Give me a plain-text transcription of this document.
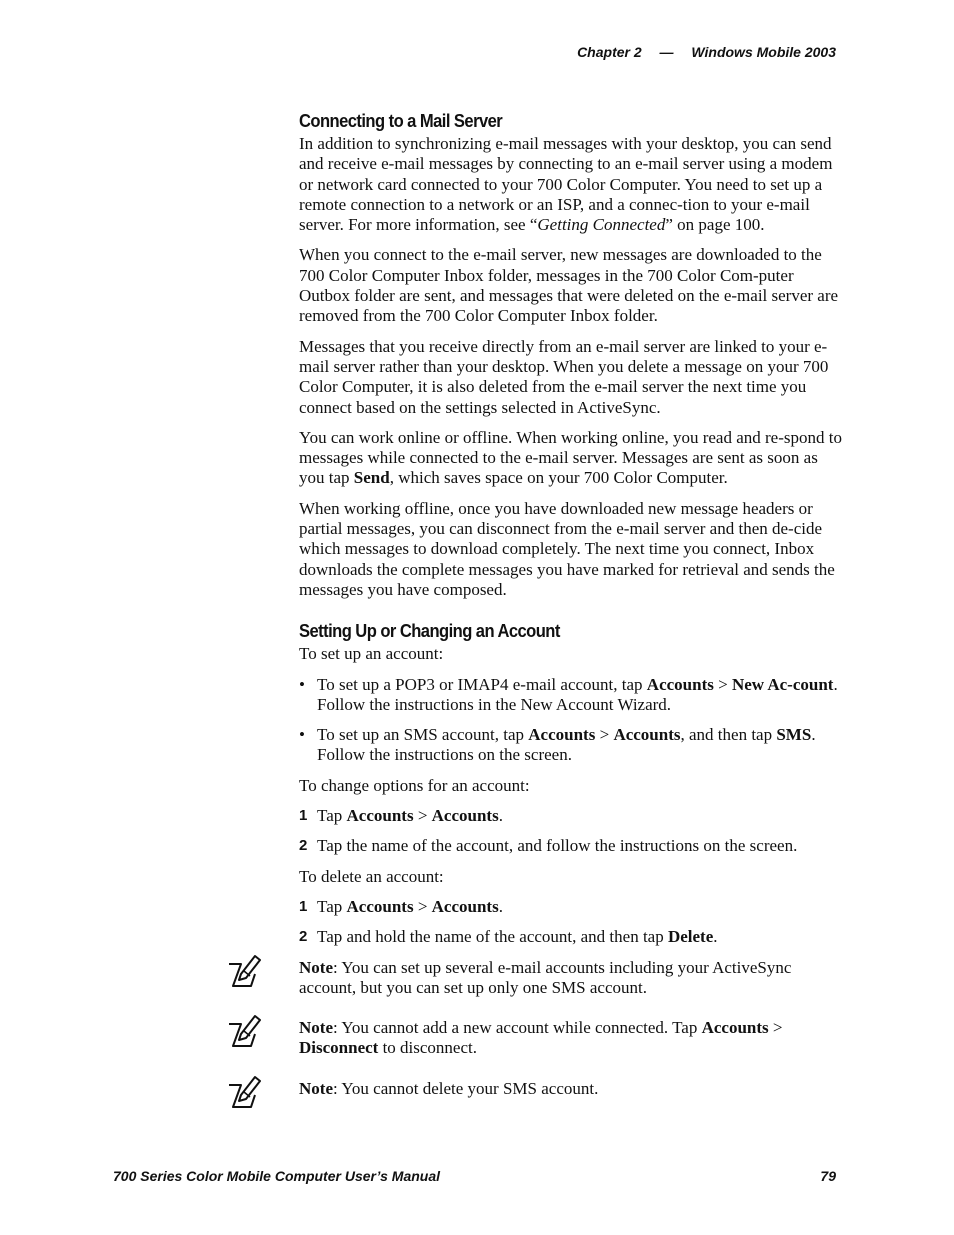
Chapter 2 — Windows Mobile 2003
Connecting to a Mail Server

In addition to synchronizing e-mail messages with your desktop, you can send and receive e-mail messages by connecting to an e-mail server using a modem or network card connected to your 700 Color Computer. You need to set up a remote connection to a network or an ISP, and a connec-tion to your e-mail server. For more information, see “Getting Connected” on page 100.

When you connect to the e-mail server, new messages are downloaded to the 700 Color Computer Inbox folder, messages in the 700 Color Com-puter Outbox folder are sent, and messages that were deleted on the e-mail server are removed from the 700 Color Computer Inbox folder.

Messages that you receive directly from an e-mail server are linked to your e-mail server rather than your desktop. When you delete a message on your 700 Color Computer, it is also deleted from the e-mail server the next time you connect based on the settings selected in ActiveSync.

You can work online or offline. When working online, you read and re-spond to messages while connected to the e-mail server. Messages are sent as soon as you tap Send, which saves space on your 700 Color Computer.

When working offline, once you have downloaded new message headers or partial messages, you can disconnect from the e-mail server and then de-cide which messages to download completely. The next time you connect, Inbox downloads the complete messages you have marked for retrieval and sends the messages you have composed.

Setting Up or Changing an Account

To set up an account:

• To set up a POP3 or IMAP4 e-mail account, tap Accounts > New Ac-count. Follow the instructions in the New Account Wizard.
• To set up an SMS account, tap Accounts > Accounts, and then tap SMS. Follow the instructions on the screen.

To change options for an account:

1 Tap Accounts > Accounts.
2 Tap the name of the account, and follow the instructions on the screen.

To delete an account:

1 Tap Accounts > Accounts.
2 Tap and hold the name of the account, and then tap Delete.

Note: You can set up several e-mail accounts including your ActiveSync account, but you can set up only one SMS account.

Note: You cannot add a new account while connected. Tap Accounts > Disconnect to disconnect.

Note: You cannot delete your SMS account.

700 Series Color Mobile Computer User’s Manual	79
